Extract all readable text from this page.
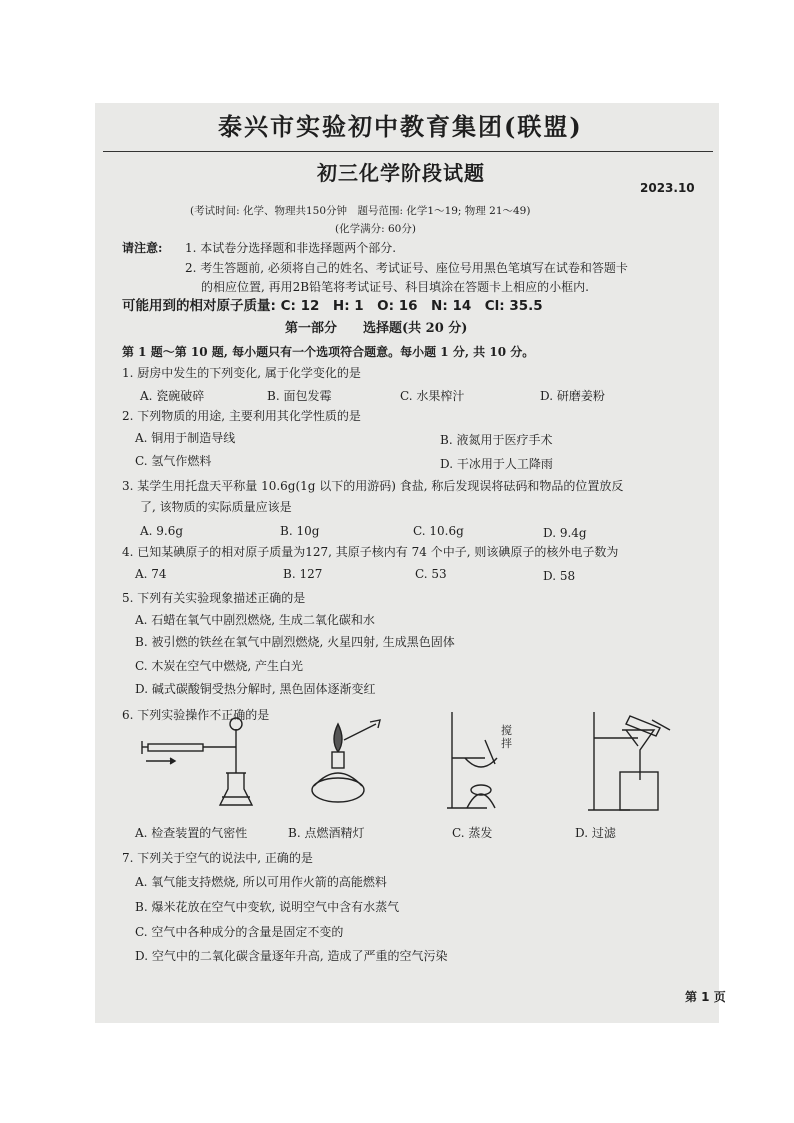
泰兴市实验初中教育集团(联盟)
初三化学阶段试题
2023.10
(考试时间: 化学、物理共150分钟　题号范围: 化学1～19; 物理 21～49)
(化学满分: 60分)
请注意: 1. 本试卷分选择题和非选择题两个部分.
2. 考生答题前, 必须将自己的姓名、考试证号、座位号用黑色笔填写在试卷和答题卡
的相应位置, 再用2B铅笔将考试证号、科目填涂在答题卡上相应的小框内.
可能用到的相对原子质量: C: 12　H: 1　O: 16　N: 14　Cl: 35.5
第一部分　　选择题(共 20 分)
第 1 题～第 10 题, 每小题只有一个选项符合题意。每小题 1 分, 共 10 分。
1. 厨房中发生的下列变化, 属于化学变化的是
A. 瓷碗破碎	B. 面包发霉	C. 水果榨汁	D. 研磨姜粉
2. 下列物质的用途, 主要利用其化学性质的是
A. 铜用于制造导线	B. 液氮用于医疗手术
C. 氢气作燃料	D. 干冰用于人工降雨
3. 某学生用托盘天平称量 10.6g(1g 以下的用游码) 食盐, 称后发现误将砝码和物品的位置放反
了, 该物质的实际质量应该是
A. 9.6g	B. 10g	C. 10.6g	D. 9.4g
4. 已知某碘原子的相对原子质量为127, 其原子核内有 74 个中子, 则该碘原子的核外电子数为
A. 74	B. 127	C. 53	D. 58
5. 下列有关实验现象描述正确的是
A. 石蜡在氧气中剧烈燃烧, 生成二氧化碳和水
B. 被引燃的铁丝在氧气中剧烈燃烧, 火星四射, 生成黑色固体
C. 木炭在空气中燃烧, 产生白光
D. 碱式碳酸铜受热分解时, 黑色固体逐渐变红
6. 下列实验操作不正确的是
搅拌
A. 检查装置的气密性	B. 点燃酒精灯	C. 蒸发	D. 过滤
7. 下列关于空气的说法中, 正确的是
A. 氧气能支持燃烧, 所以可用作火箭的高能燃料
B. 爆米花放在空气中变软, 说明空气中含有水蒸气
C. 空气中各种成分的含量是固定不变的
D. 空气中的二氧化碳含量逐年升高, 造成了严重的空气污染
第 1 页
